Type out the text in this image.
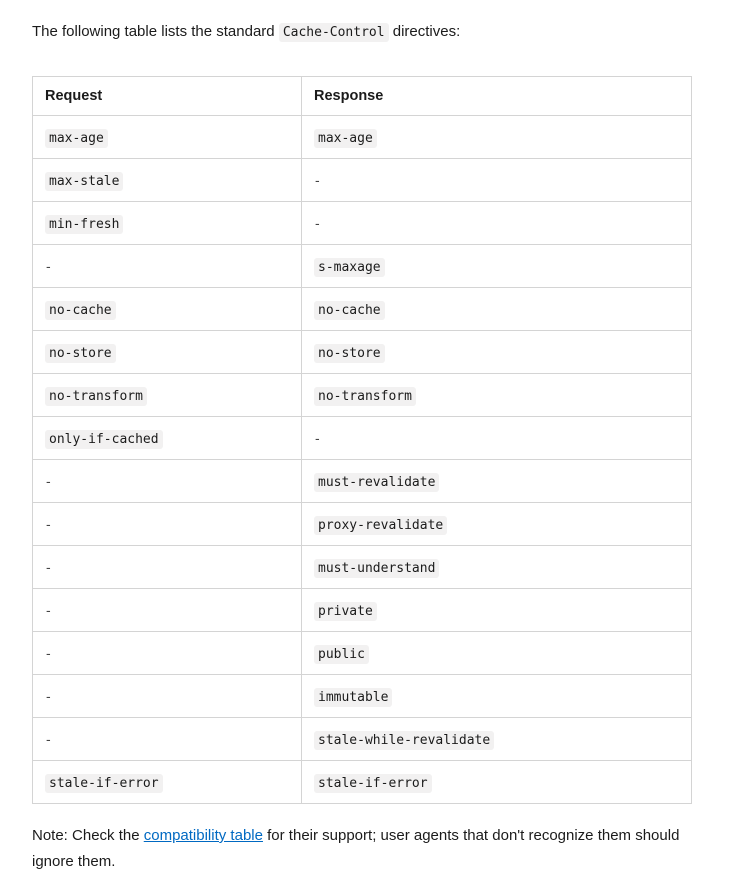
The following table lists the standard Cache-Control directives:

Request	Response
max-age	max-age
max-stale	-
min-fresh	-
-	s-maxage
no-cache	no-cache
no-store	no-store
no-transform	no-transform
only-if-cached	-
-	must-revalidate
-	proxy-revalidate
-	must-understand
-	private
-	public
-	immutable
-	stale-while-revalidate
stale-if-error	stale-if-error

Note: Check the compatibility table for their support; user agents that don't recognize them should ignore them.
